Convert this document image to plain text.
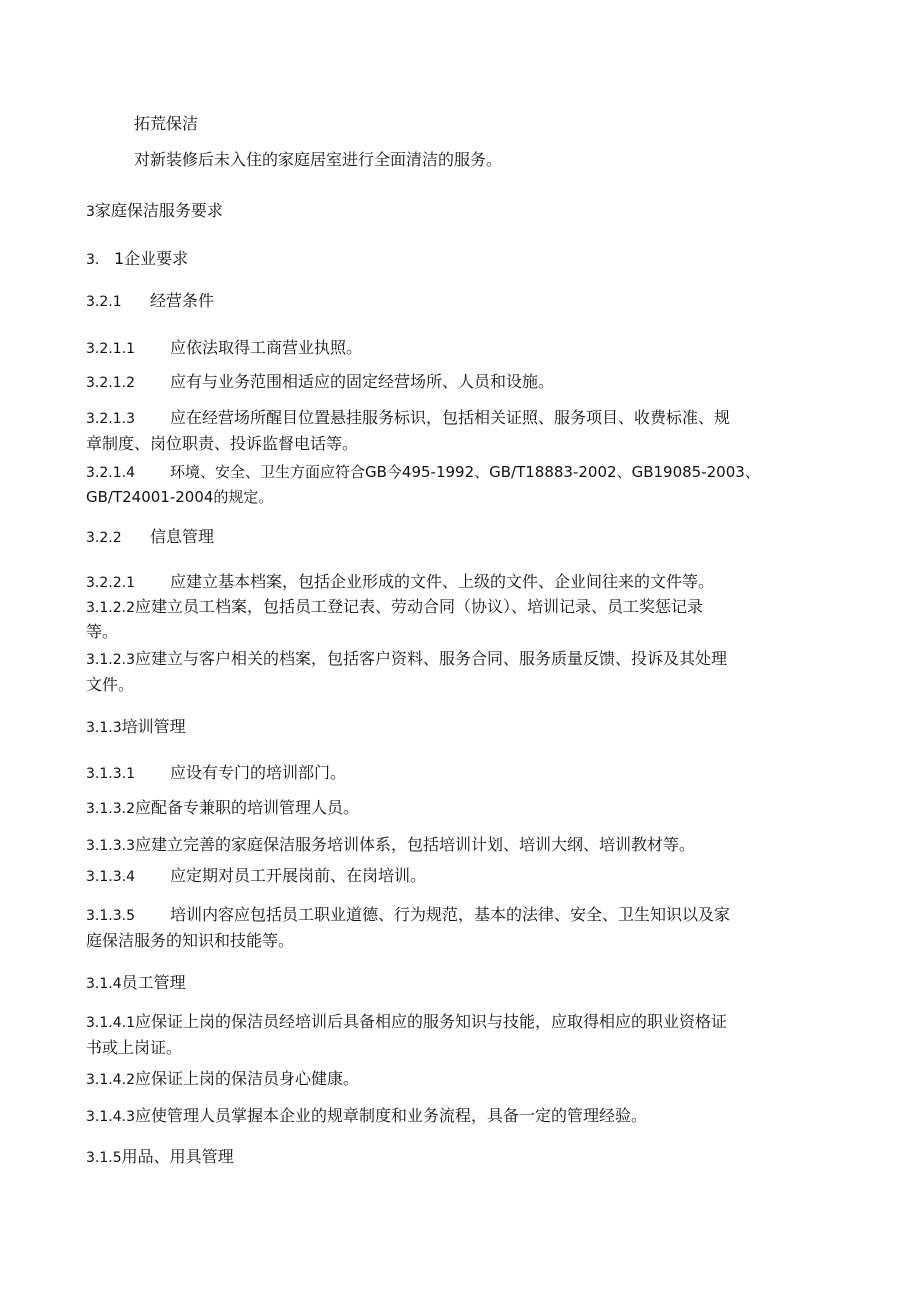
拓荒保洁
对新装修后未入住的家庭居室进行全面清洁的服务。
3家庭保洁服务要求
3. 1企业要求
3.2.1 经营条件
3.2.1.1 应依法取得工商营业执照。
3.2.1.2 应有与业务范围相适应的固定经营场所、人员和设施。
3.2.1.3 应在经营场所醒目位置悬挂服务标识，包括相关证照、服务项目、收费标准、规
章制度、岗位职责、投诉监督电话等。
3.2.1.4 环境、安全、卫生方面应符合GB今495-1992、GB/T18883-2002、GB19085-2003、
GB/T24001-2004的规定。
3.2.2 信息管理
3.2.2.1 应建立基本档案，包括企业形成的文件、上级的文件、企业间往来的文件等。
3.1.2.2应建立员工档案，包括员工登记表、劳动合同（协议）、培训记录、员工奖惩记录
等。
3.1.2.3应建立与客户相关的档案，包括客户资料、服务合同、服务质量反馈、投诉及其处理
文件。
3.1.3培训管理
3.1.3.1 应设有专门的培训部门。
3.1.3.2应配备专兼职的培训管理人员。
3.1.3.3应建立完善的家庭保洁服务培训体系，包括培训计划、培训大纲、培训教材等。
3.1.3.4 应定期对员工开展岗前、在岗培训。
3.1.3.5 培训内容应包括员工职业道德、行为规范，基本的法律、安全、卫生知识以及家
庭保洁服务的知识和技能等。
3.1.4员工管理
3.1.4.1应保证上岗的保洁员经培训后具备相应的服务知识与技能，应取得相应的职业资格证
书或上岗证。
3.1.4.2应保证上岗的保洁员身心健康。
3.1.4.3应使管理人员掌握本企业的规章制度和业务流程，具备一定的管理经验。
3.1.5用品、用具管理
